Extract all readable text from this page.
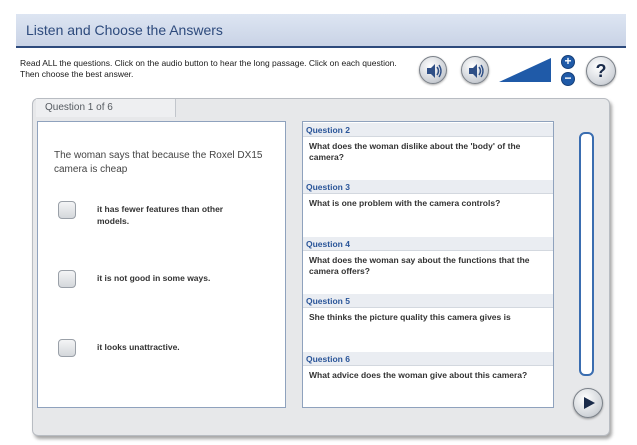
Listen and Choose the Answers
Read ALL the questions. Click on the audio button to hear the long passage. Click on each question. Then choose the best answer.
+
−	?
Question 1 of 6
The woman says that because the Roxel DX15 camera is cheap
it has fewer features than other models.
it is not good in some ways.
it looks unattractive.
Question 2
What does the woman dislike about the 'body' of the camera?
Question 3
What is one problem with the camera controls?
Question 4
What does the woman say about the functions that the camera offers?
Question 5
She thinks the picture quality this camera gives is
Question 6
What advice does the woman give about this camera?
